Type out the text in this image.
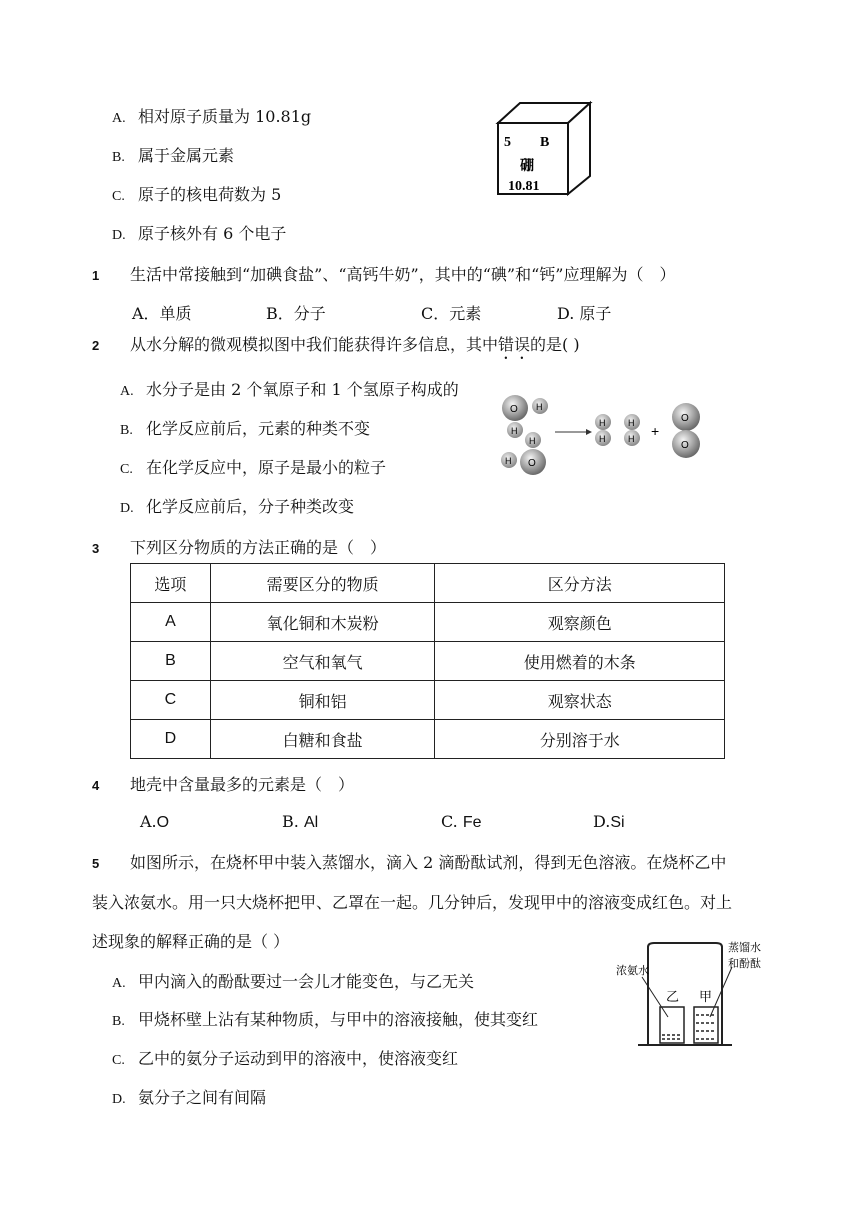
A. 相对原子质量为 10.81g
B. 属于金属元素
C. 原子的核电荷数为 5
D. 原子核外有 6 个电子
5 B
硼
10.81
1 生活中常接触到“加碘食盐”、“高钙牛奶”，其中的“碘”和“钙”应理解为（　）
A．单质	B．分子	C．元素	D. 原子
2 从水分解的微观模拟图中我们能获得许多信息，其中错误的是( )
A. 水分子是由 2 个氧原子和 1 个氢原子构成的
B. 化学反应前后，元素的种类不变
C. 在化学反应中，原子是最小的粒子
D. 化学反应前后，分子种类改变
O H
H
H
H O
H
H
H
H +
O
O
3 下列区分物质的方法正确的是（　）
选项	需要区分的物质	区分方法
A	氧化铜和木炭粉	观察颜色
B	空气和氧气	使用燃着的木条
C	铜和铝	观察状态
D	白糖和食盐	分别溶于水
4 地壳中含量最多的元素是（　）
A.O	B. Al	C. Fe	D.Si
5 如图所示，在烧杯甲中装入蒸馏水，滴入 2 滴酚酞试剂，得到无色溶液。在烧杯乙中
装入浓氨水。用一只大烧杯把甲、乙罩在一起。几分钟后，发现甲中的溶液变成红色。对上
述现象的解释正确的是（ ）
A. 甲内滴入的酚酞要过一会儿才能变色，与乙无关
B. 甲烧杯壁上沾有某种物质，与甲中的溶液接触，使其变红
C. 乙中的氨分子运动到甲的溶液中，使溶液变红
D. 氨分子之间有间隔
浓氨水
蒸馏水
和酚酞
乙 甲
